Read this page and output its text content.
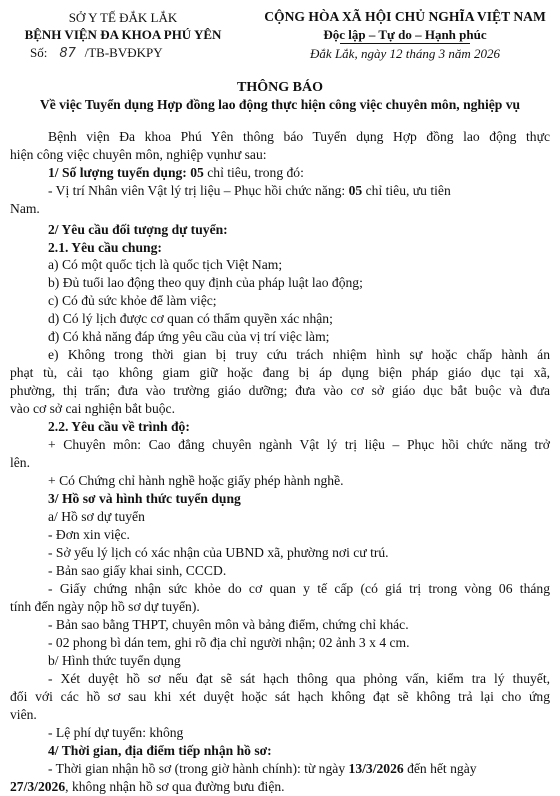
SỞ Y TẾ ĐẮK LẮK
BỆNH VIỆN ĐA KHOA PHÚ YÊN
Số: 87 /TB-BVĐKPY
CỘNG HÒA XÃ HỘI CHỦ NGHĨA VIỆT NAM
Độc lập – Tự do – Hạnh phúc
Đắk Lắk, ngày 12 tháng 3 năm 2026
THÔNG BÁO
Về việc Tuyển dụng Hợp đồng lao động thực hiện công việc chuyên môn, nghiệp vụ
Bệnh viện Đa khoa Phú Yên thông báo Tuyển dụng Hợp đồng lao động thực
hiện công việc chuyên môn, nghiệp vụnhư sau:
1/ Số lượng tuyển dụng: 05 chỉ tiêu, trong đó:
- Vị trí Nhân viên Vật lý trị liệu – Phục hồi chức năng: 05 chỉ tiêu, ưu tiên
Nam.
2/ Yêu cầu đối tượng dự tuyển:
2.1. Yêu cầu chung:
a) Có một quốc tịch là quốc tịch Việt Nam;
b) Đủ tuổi lao động theo quy định của pháp luật lao động;
c) Có đủ sức khỏe để làm việc;
d) Có lý lịch được cơ quan có thẩm quyền xác nhận;
đ) Có khả năng đáp ứng yêu cầu của vị trí việc làm;
e) Không trong thời gian bị truy cứu trách nhiệm hình sự hoặc chấp hành án
phạt tù, cải tạo không giam giữ hoặc đang bị áp dụng biện pháp giáo dục tại xã,
phường, thị trấn; đưa vào trường giáo dưỡng; đưa vào cơ sở giáo dục bắt buộc và đưa
vào cơ sở cai nghiện bắt buộc.
2.2. Yêu cầu về trình độ:
+ Chuyên môn: Cao đẳng chuyên ngành Vật lý trị liệu – Phục hồi chức năng trở
lên.
+ Có Chứng chỉ hành nghề hoặc giấy phép hành nghề.
3/ Hồ sơ và hình thức tuyển dụng
a/ Hồ sơ dự tuyển
- Đơn xin việc.
- Sở yếu lý lịch có xác nhận của UBND xã, phường nơi cư trú.
- Bản sao giấy khai sinh, CCCD.
- Giấy chứng nhận sức khỏe do cơ quan y tế cấp (có giá trị trong vòng 06 tháng
tính đến ngày nộp hồ sơ dự tuyển).
- Bản sao bằng THPT, chuyên môn và bảng điểm, chứng chỉ khác.
- 02 phong bì dán tem, ghi rõ địa chỉ người nhận; 02 ảnh 3 x 4 cm.
b/ Hình thức tuyển dụng
- Xét duyệt hồ sơ nếu đạt sẽ sát hạch thông qua phỏng vấn, kiểm tra lý thuyết,
đối với các hồ sơ sau khi xét duyệt hoặc sát hạch không đạt sẽ không trả lại cho ứng
viên.
- Lệ phí dự tuyển: không
4/ Thời gian, địa điểm tiếp nhận hồ sơ:
- Thời gian nhận hồ sơ (trong giờ hành chính): từ ngày 13/3/2026 đến hết ngày
27/3/2026, không nhận hồ sơ qua đường bưu điện.
